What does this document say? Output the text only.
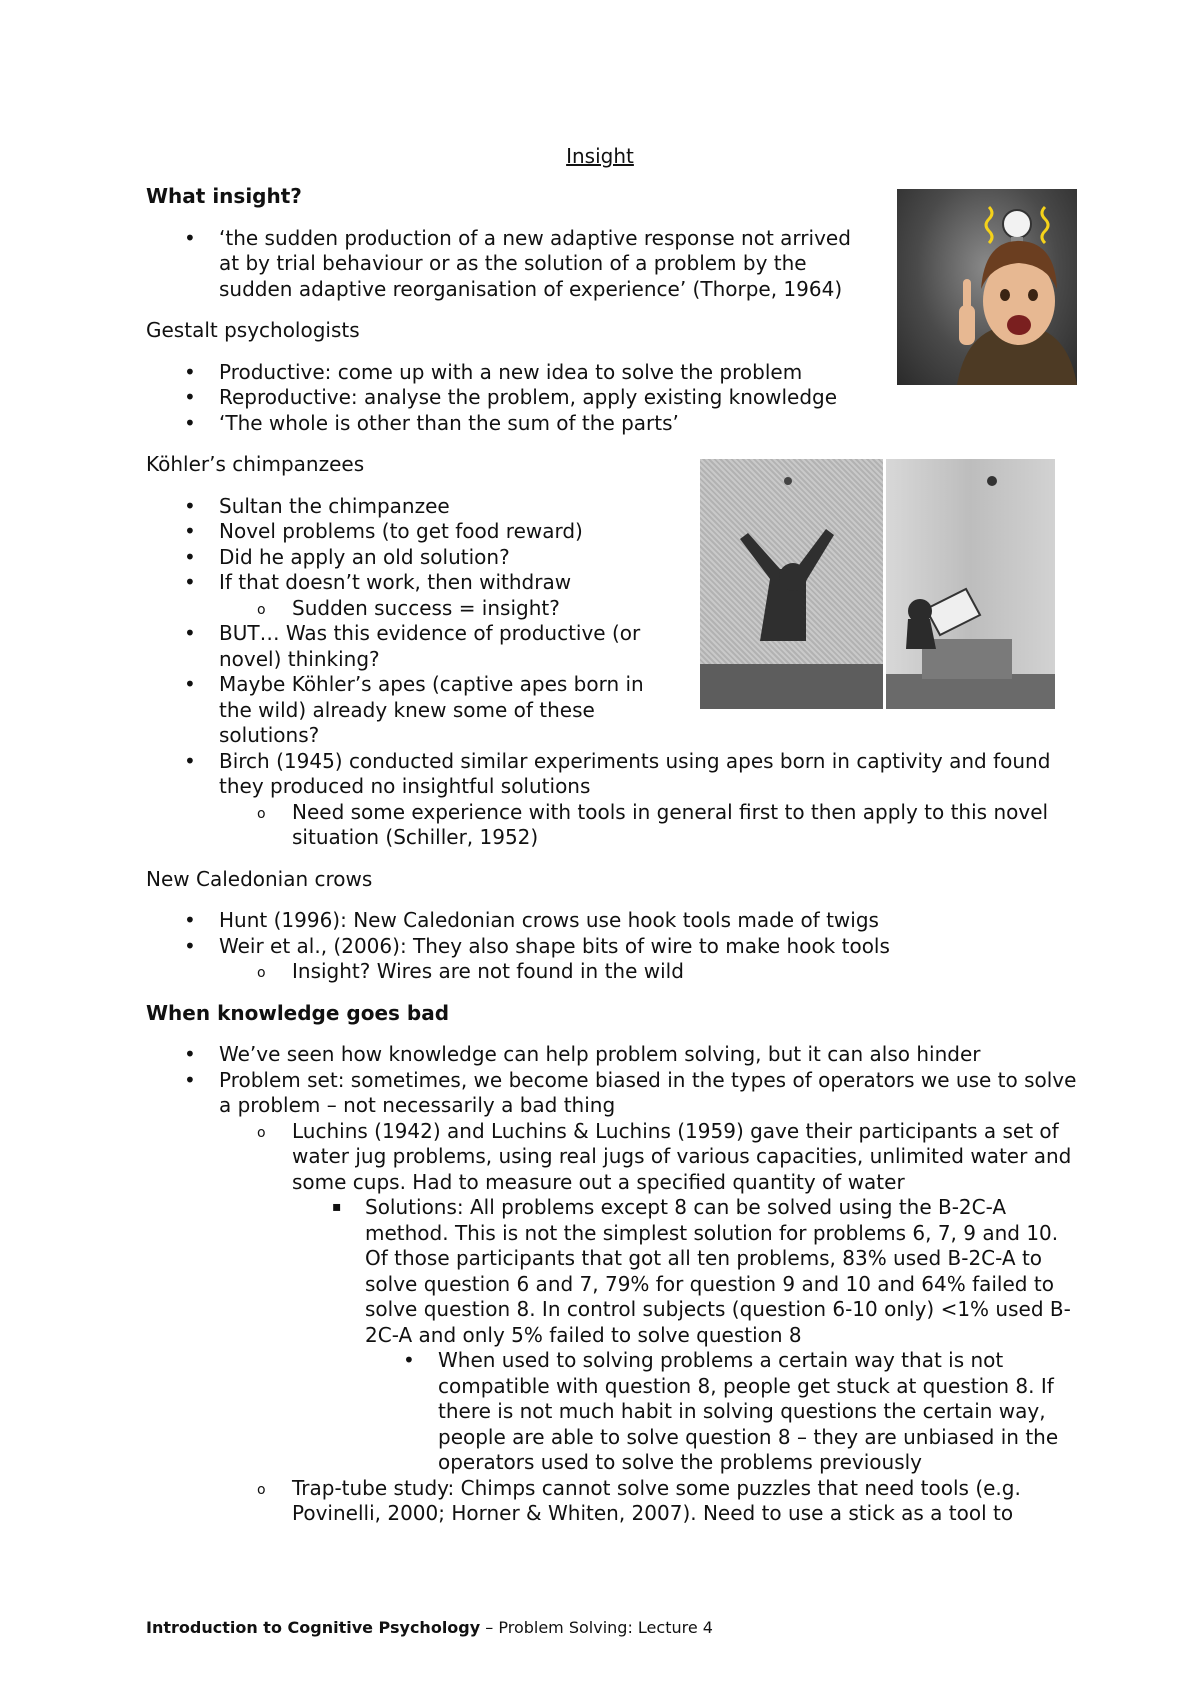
Insight
What insight?
• ‘the sudden production of a new adaptive response not arrived at by trial behaviour or as the solution of a problem by the sudden adaptive reorganisation of experience’ (Thorpe, 1964)
Gestalt psychologists
• Productive: come up with a new idea to solve the problem
• Reproductive: analyse the problem, apply existing knowledge
• ‘The whole is other than the sum of the parts’
Köhler’s chimpanzees
• Sultan the chimpanzee
• Novel problems (to get food reward)
• Did he apply an old solution?
• If that doesn’t work, then withdraw
o Sudden success = insight?
• BUT… Was this evidence of productive (or novel) thinking?
• Maybe Köhler’s apes (captive apes born in the wild) already knew some of these solutions?
• Birch (1945) conducted similar experiments using apes born in captivity and found they produced no insightful solutions
o Need some experience with tools in general first to then apply to this novel situation (Schiller, 1952)
New Caledonian crows
• Hunt (1996): New Caledonian crows use hook tools made of twigs
• Weir et al., (2006): They also shape bits of wire to make hook tools
o Insight? Wires are not found in the wild
When knowledge goes bad
• We’ve seen how knowledge can help problem solving, but it can also hinder
• Problem set: sometimes, we become biased in the types of operators we use to solve a problem – not necessarily a bad thing
o Luchins (1942) and Luchins & Luchins (1959) gave their participants a set of water jug problems, using real jugs of various capacities, unlimited water and some cups. Had to measure out a specified quantity of water
▪ Solutions: All problems except 8 can be solved using the B-2C-A method. This is not the simplest solution for problems 6, 7, 9 and 10. Of those participants that got all ten problems, 83% used B-2C-A to solve question 6 and 7, 79% for question 9 and 10 and 64% failed to solve question 8. In control subjects (question 6-10 only) <1% used B-2C-A and only 5% failed to solve question 8
• When used to solving problems a certain way that is not compatible with question 8, people get stuck at question 8. If there is not much habit in solving questions the certain way, people are able to solve question 8 – they are unbiased in the operators used to solve the problems previously
o Trap-tube study: Chimps cannot solve some puzzles that need tools (e.g. Povinelli, 2000; Horner & Whiten, 2007). Need to use a stick as a tool to
Introduction to Cognitive Psychology – Problem Solving: Lecture 4
